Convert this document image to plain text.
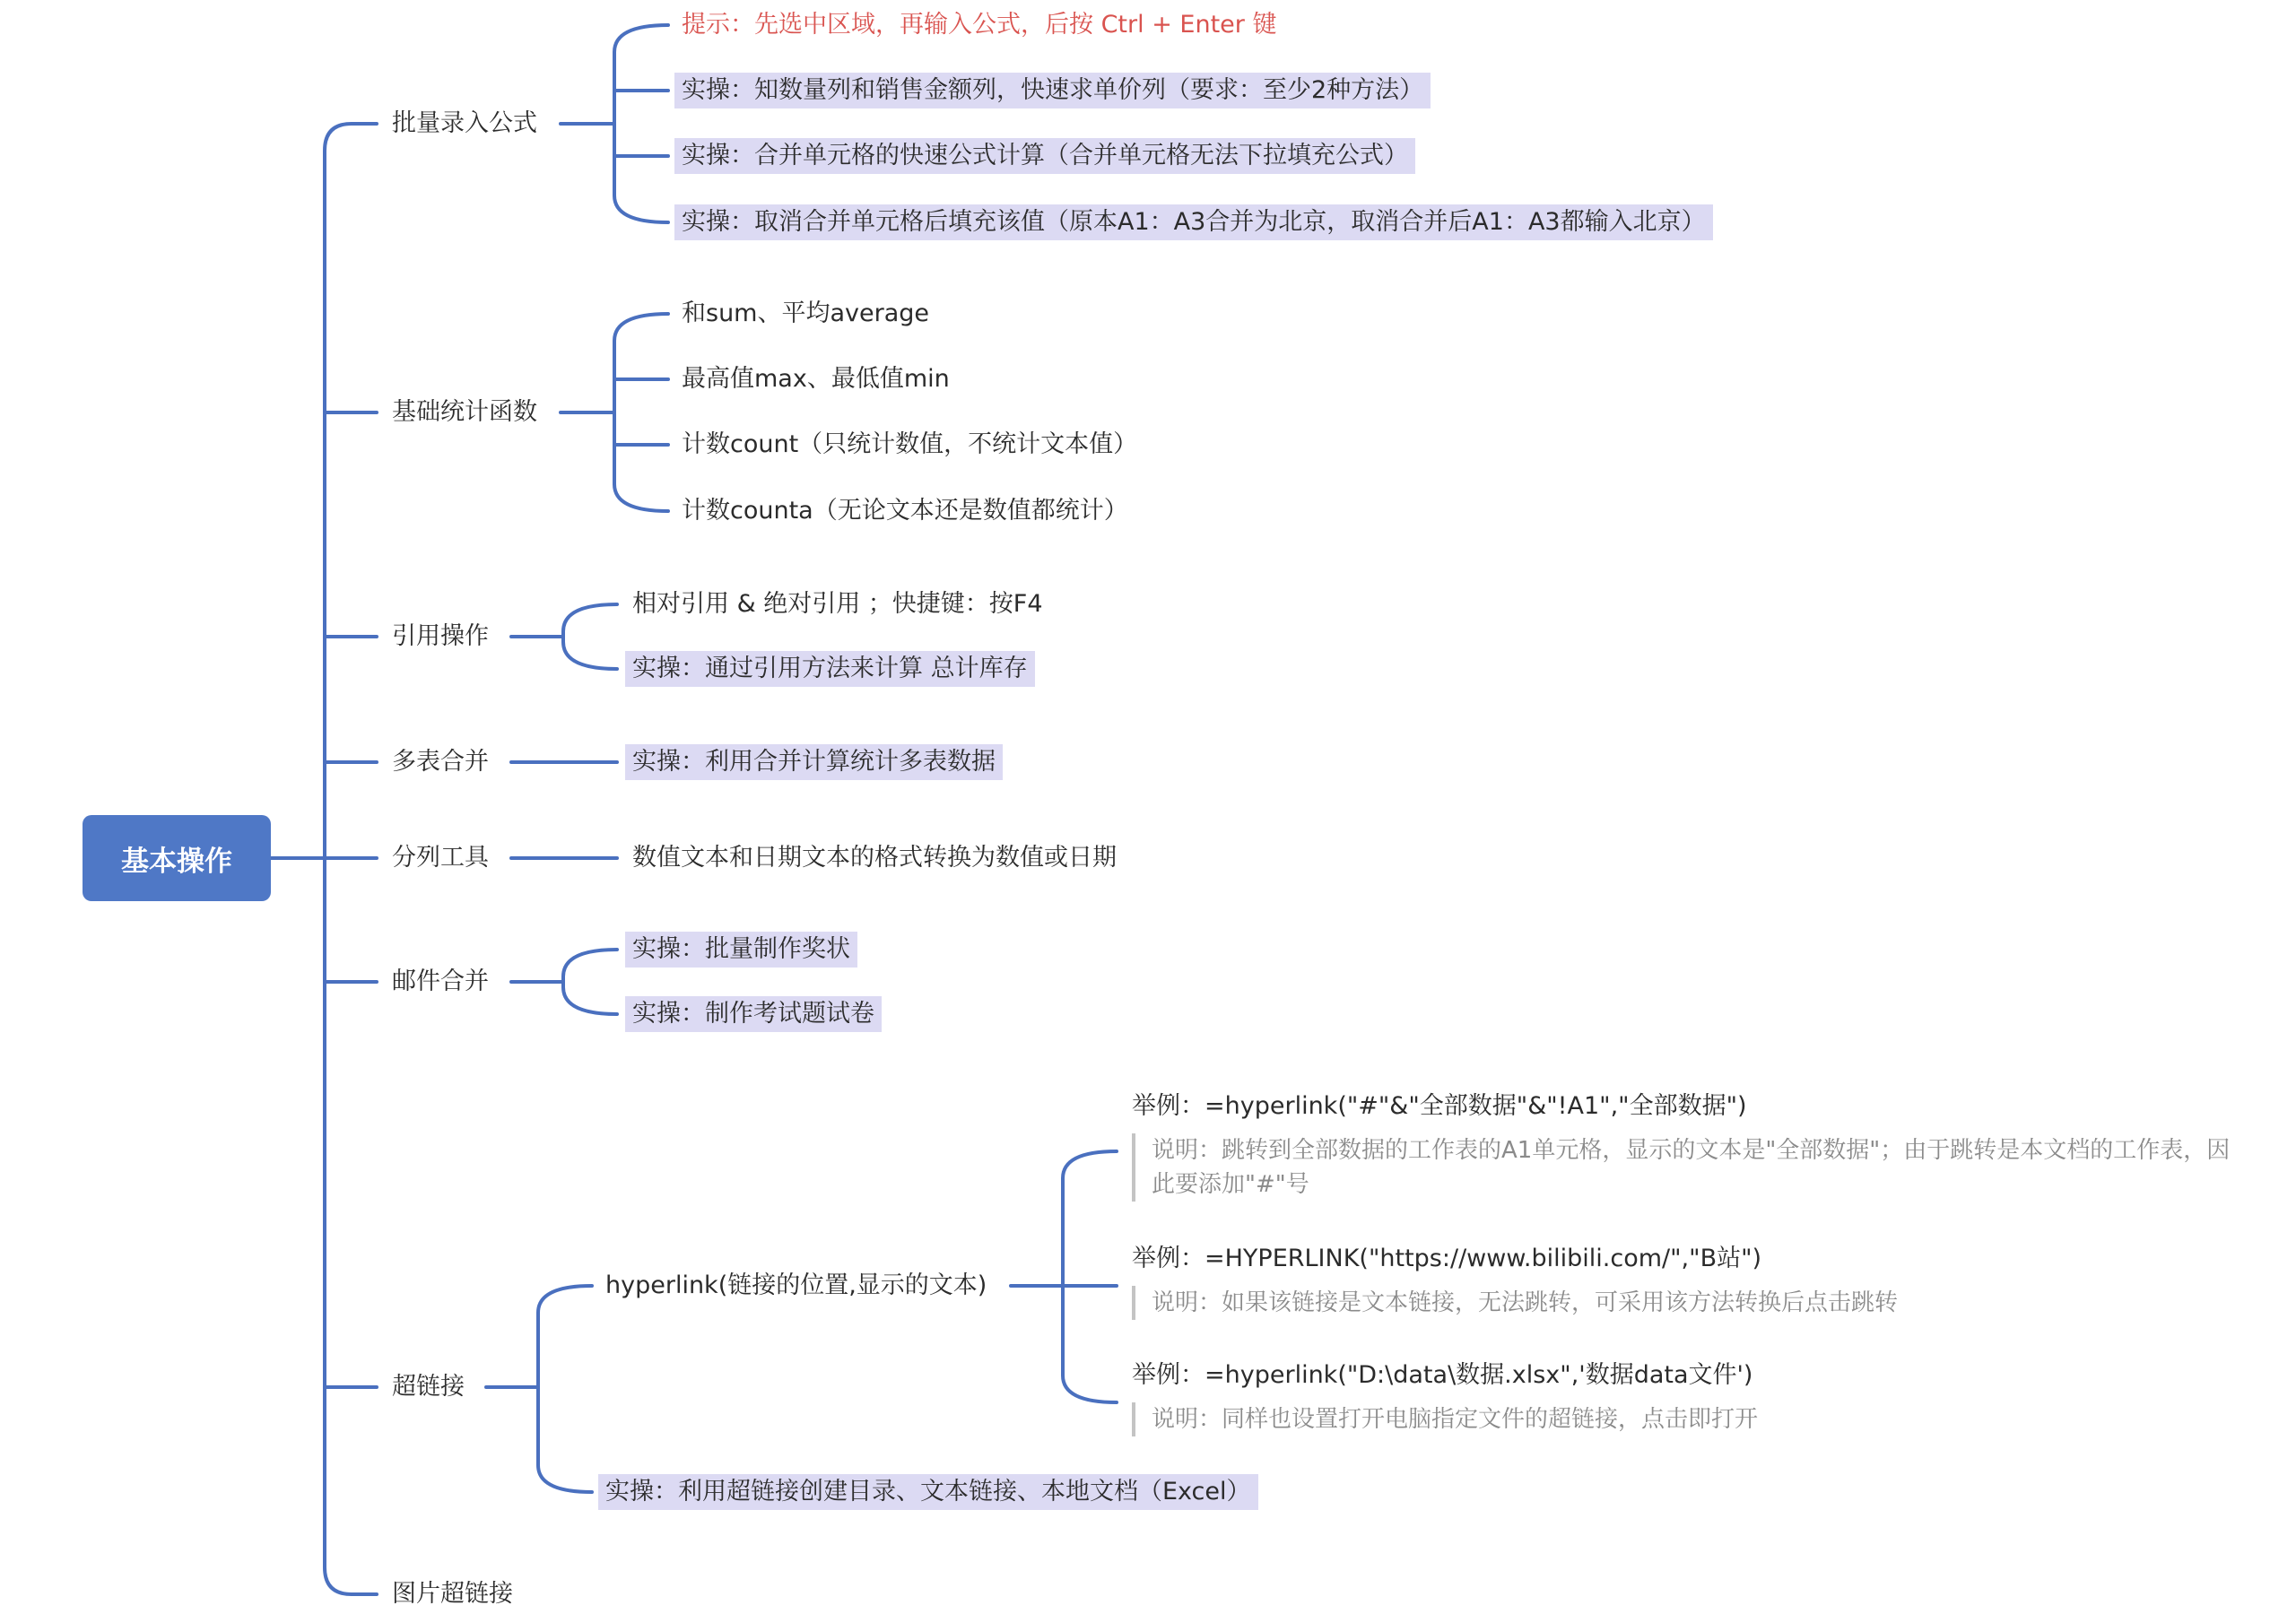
基本操作
批量录入公式
基础统计函数
引用操作
多表合并
分列工具
邮件合并
超链接
图片超链接
提示：先选中区域，再输入公式，后按 Ctrl + Enter 键
实操：知数量列和销售金额列，快速求单价列（要求：至少2种方法）
实操：合并单元格的快速公式计算（合并单元格无法下拉填充公式）
实操：取消合并单元格后填充该值（原本A1：A3合并为北京，取消合并后A1：A3都输入北京）
和sum、平均average
最高值max、最低值min
计数count（只统计数值，不统计文本值）
计数counta（无论文本还是数值都统计）
相对引用 & 绝对引用 ；快捷键：按F4
实操：通过引用方法来计算 总计库存
实操：利用合并计算统计多表数据
数值文本和日期文本的格式转换为数值或日期
实操：批量制作奖状
实操：制作考试题试卷
hyperlink(链接的位置,显示的文本)
实操：利用超链接创建目录、文本链接、本地文档（Excel）
举例：=hyperlink("#"&"全部数据"&"!A1","全部数据")
说明：跳转到全部数据的工作表的A1单元格，显示的文本是"全部数据"；由于跳转是本文档的工作表，因此要添加"#"号
举例：=HYPERLINK("https://www.bilibili.com/","B站")
说明：如果该链接是文本链接，无法跳转，可采用该方法转换后点击跳转
举例：=hyperlink("D:\data\数据.xlsx",'数据data文件')
说明：同样也设置打开电脑指定文件的超链接，点击即打开
